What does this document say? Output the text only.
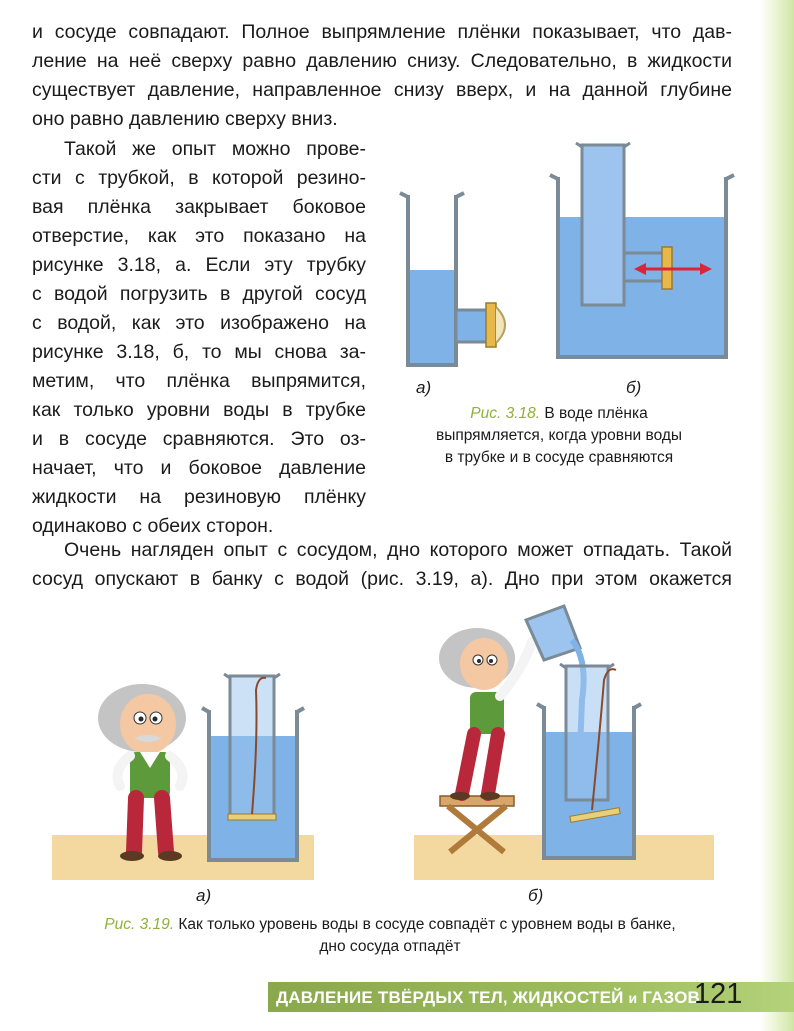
и сосуде совпадают. Полное выпрямление плёнки показывает, что дав-
ление на неё сверху равно давлению снизу. Следовательно, в жидкости
существует давление, направленное снизу вверх, и на данной глубине
оно равно давлению сверху вниз.
Такой же опыт можно прове-
сти с трубкой, в которой резино-
вая плёнка закрывает боковое
отверстие, как это показано на
рисунке 3.18, а. Если эту трубку
с водой погрузить в другой сосуд
с водой, как это изображено на
рисунке 3.18, б, то мы снова за-
метим, что плёнка выпрямится,
как только уровни воды в трубке
и в сосуде сравняются. Это оз-
начает, что и боковое давление
жидкости на резиновую плёнку
одинаково с обеих сторон.
Очень нагляден опыт с сосудом, дно которого может отпадать. Такой
сосуд опускают в банку с водой (рис. 3.19, а). Дно при этом окажется
а)	б)
Рис. 3.18. В воде плёнка
выпрямляется, когда уровни воды
в трубке и в сосуде сравняются
а)	б)
Рис. 3.19. Как только уровень воды в сосуде совпадёт с уровнем воды в банке,
дно сосуда отпадёт
ДАВЛЕНИЕ ТВЁРДЫХ ТЕЛ, ЖИДКОСТЕЙ и ГАЗОВ
121
